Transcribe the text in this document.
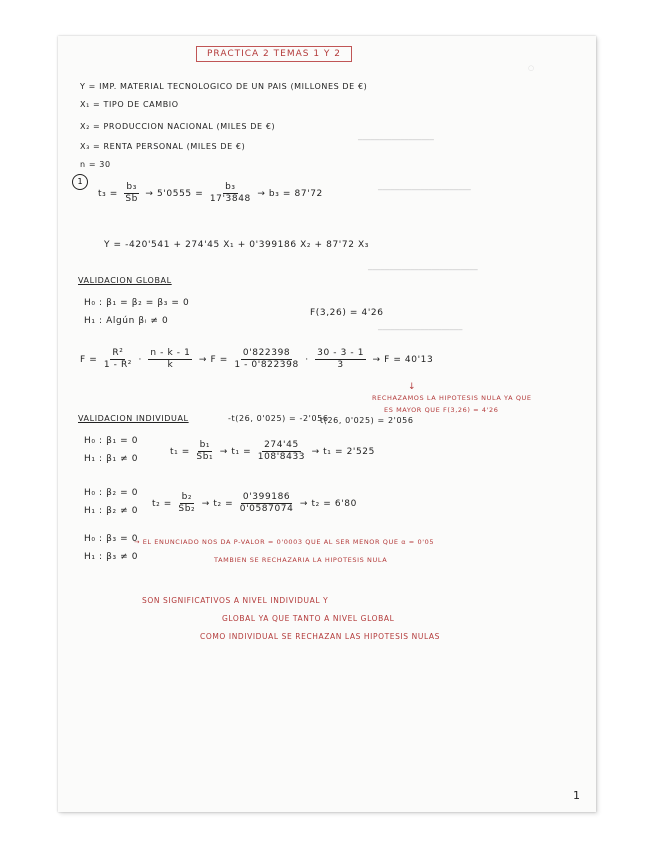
PRACTICA 2 TEMAS 1 Y 2
○
━━━━━━━━━━━━━━━━━━
━━━━━━━━━━━━━━━━━━━━━━
━━━━━━━━━━━━━━━━━━━━━━━━━━
━━━━━━━━━━━━━━━━━━━━
Y = IMP. MATERIAL TECNOLOGICO DE UN PAIS (MILLONES DE €)
X₁ = TIPO DE CAMBIO
X₂ = PRODUCCION NACIONAL (MILES DE €)
X₃ = RENTA PERSONAL (MILES DE €)
n = 30
1
$t_3 = \frac{\text{b₃}}{Sb} \to 5'0555 = \frac{\text{b₃}}{17'3848} \to b_3 = 87'72$
Y = -420'541 + 274'45 X₁ + 0'399186 X₂ + 87'72 X₃
VALIDACION GLOBAL
H₀ : β₁ = β₂ = β₃ = 0
H₁ : Algún βᵢ ≠ 0
F(3,26) = 4'26
$F = \frac{\text{R²}}{\text{1 - R²}} \cdot \frac{n - k - 1}{k} \to F = \frac{0'822398}{1 - 0'822398} \cdot \frac{30 - 3 - 1}{3} \to F = 40'13$
↓
RECHAZAMOS LA HIPOTESIS NULA YA QUE
ES MAYOR QUE F(3,26) = 4'26
VALIDACION INDIVIDUAL	-t(26, 0'025) = -2'056
t(26, 0'025) = 2'056
H₀ : β₁ = 0
H₁ : β₁ ≠ 0
$t_1 = \frac{\text{b₁}}{\text{Sb₁}} \to t_1 = \frac{274'45}{108'8433} \to t_1 = 2'525$
H₀ : β₂ = 0
H₁ : β₂ ≠ 0
$t_2 = \frac{\text{b₂}}{\text{Sb₂}} \to t_2 = \frac{0'399186}{0'0587074} \to t_2 = 6'80$
H₀ : β₃ = 0
H₁ : β₃ ≠ 0
→ EL ENUNCIADO NOS DA P-VALOR = 0'0003 QUE AL SER MENOR QUE α = 0'05
TAMBIEN SE RECHAZARIA LA HIPOTESIS NULA
SON SIGNIFICATIVOS A NIVEL INDIVIDUAL Y
GLOBAL YA QUE TANTO A NIVEL GLOBAL
COMO INDIVIDUAL SE RECHAZAN LAS HIPOTESIS NULAS
1
